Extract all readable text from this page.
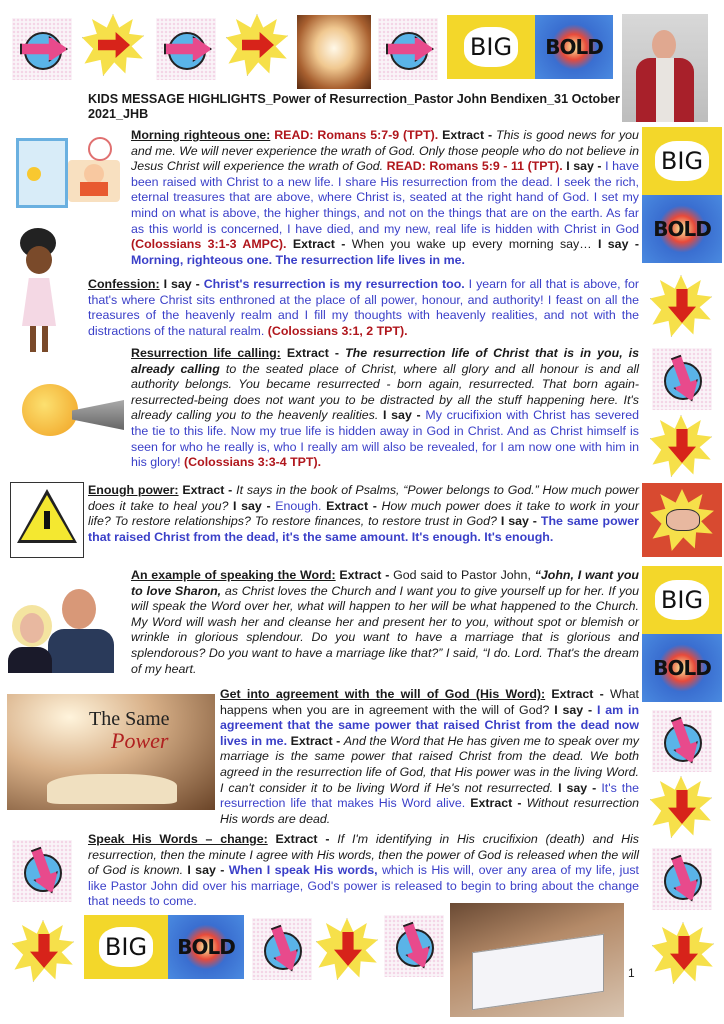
BIG	BOLD
KIDS MESSAGE HIGHLIGHTS_Power of Resurrection_Pastor John Bendixen_31 October 2021_JHB
The Same
Power
BIG
BOLD
BIG
BOLD
BIG	BOLD
1
Morning righteous one: READ: Romans 5:7-9 (TPT). Extract - This is good news for you and me. We will never experience the wrath of God. Only those people who do not believe in Jesus Christ will experience the wrath of God. READ: Romans 5:9 - 11 (TPT). I say - I have been raised with Christ to a new life. I share His resurrection from the dead. I seek the rich, eternal treasures that are above, where Christ is, seated at the right hand of God. I set my mind on what is above, the higher things, and not on the things that are on the earth. As far as this world is concerned, I have died, and my new, real life is hidden with Christ in God (Colossians 3:1-3 AMPC). Extract - When you wake up every morning say… I say - Morning, righteous one. The resurrection life lives in me.
Confession: I say - Christ's resurrection is my resurrection too. I yearn for all that is above, for that's where Christ sits enthroned at the place of all power, honour, and authority! I feast on all the treasures of the heavenly realm and I fill my thoughts with heavenly realities, and not with the distractions of the natural realm. (Colossians 3:1, 2 TPT).
Resurrection life calling: Extract - The resurrection life of Christ that is in you, is already calling to the seated place of Christ, where all glory and all honour is and all authority belongs. You became resurrected - born again, resurrected. That born again-resurrected-being does not want you to be distracted by all the stuff happening here. It's already calling you to the heavenly realities. I say - My crucifixion with Christ has severed the tie to this life. Now my true life is hidden away in God in Christ. And as Christ himself is seen for who he really is, who I really am will also be revealed, for I am now one with him in his glory! (Colossians 3:3-4 TPT).
Enough power: Extract - It says in the book of Psalms, “Power belongs to God.” How much power does it take to heal you? I say - Enough. Extract - How much power does it take to work in your life? To restore relationships? To restore finances, to restore trust in God? I say - The same power that raised Christ from the dead, it's the same amount. It's enough. It's enough.
An example of speaking the Word: Extract - God said to Pastor John, “John, I want you to love Sharon, as Christ loves the Church and I want you to give yourself up for her. If you will speak the Word over her, what will happen to her will be what happened to the Church. My Word will wash her and cleanse her and present her to you, without spot or blemish or wrinkle in glorious splendour. Do you want to have a marriage that is glorious and splendorous? Do you want to have a marriage like that?” I said, “I do. Lord. That's the dream of my heart.
Get into agreement with the will of God (His Word): Extract - What happens when you are in agreement with the will of God? I say - I am in agreement that the same power that raised Christ from the dead now lives in me. Extract - And the Word that He has given me to speak over my marriage is the same power that raised Christ from the dead. We both agreed in the resurrection life of God, that His power was in the living Word. I can't consider it to be living Word if He's not resurrected. I say - It's the resurrection life that makes His Word alive. Extract - Without resurrection His words are dead.
Speak His Words – change: Extract - If I'm identifying in His crucifixion (death) and His resurrection, then the minute I agree with His words, then the power of God is released when the will of God is known. I say - When I speak His words, which is His will, over any area of my life, just like Pastor John did over his marriage, God's power is released to begin to bring about the change that needs to come.
